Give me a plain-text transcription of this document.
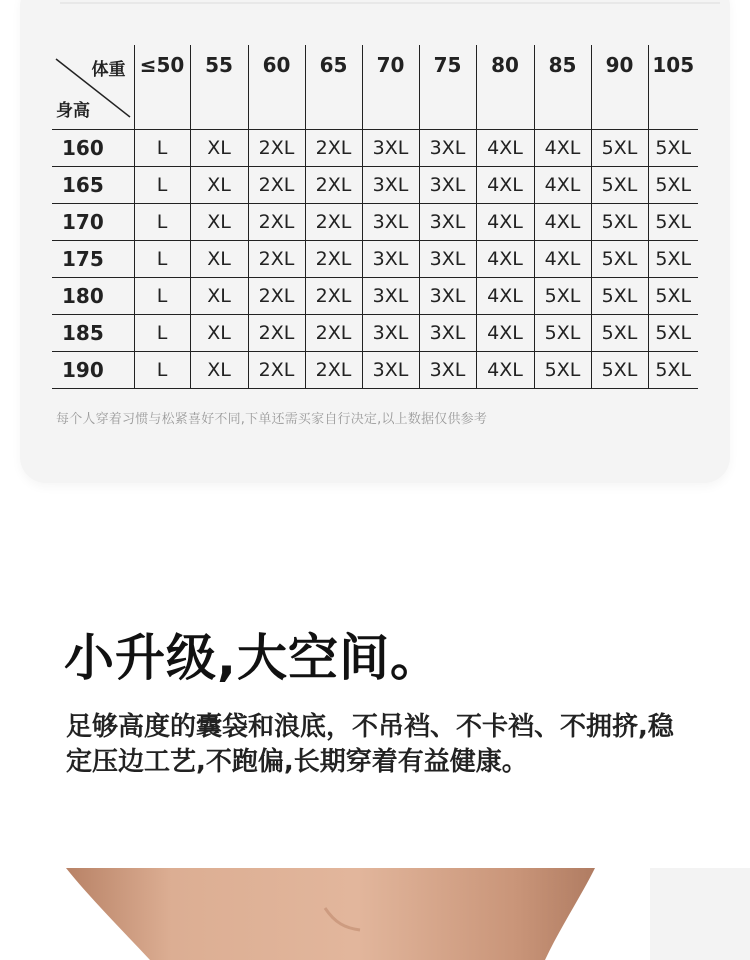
体重
身高	≤50	55	60	65	70	75	80	85	90	105
160	L	XL	2XL	2XL	3XL	3XL	4XL	4XL	5XL	5XL
165	L	XL	2XL	2XL	3XL	3XL	4XL	4XL	5XL	5XL
170	L	XL	2XL	2XL	3XL	3XL	4XL	4XL	5XL	5XL
175	L	XL	2XL	2XL	3XL	3XL	4XL	4XL	5XL	5XL
180	L	XL	2XL	2XL	3XL	3XL	4XL	5XL	5XL	5XL
185	L	XL	2XL	2XL	3XL	3XL	4XL	5XL	5XL	5XL
190	L	XL	2XL	2XL	3XL	3XL	4XL	5XL	5XL	5XL
每个人穿着习惯与松紧喜好不同,下单还需买家自行决定,以上数据仅供参考
小升级,大空间。
足够高度的囊袋和浪底，不吊裆、不卡裆、不拥挤,稳定压边工艺,不跑偏,长期穿着有益健康。
